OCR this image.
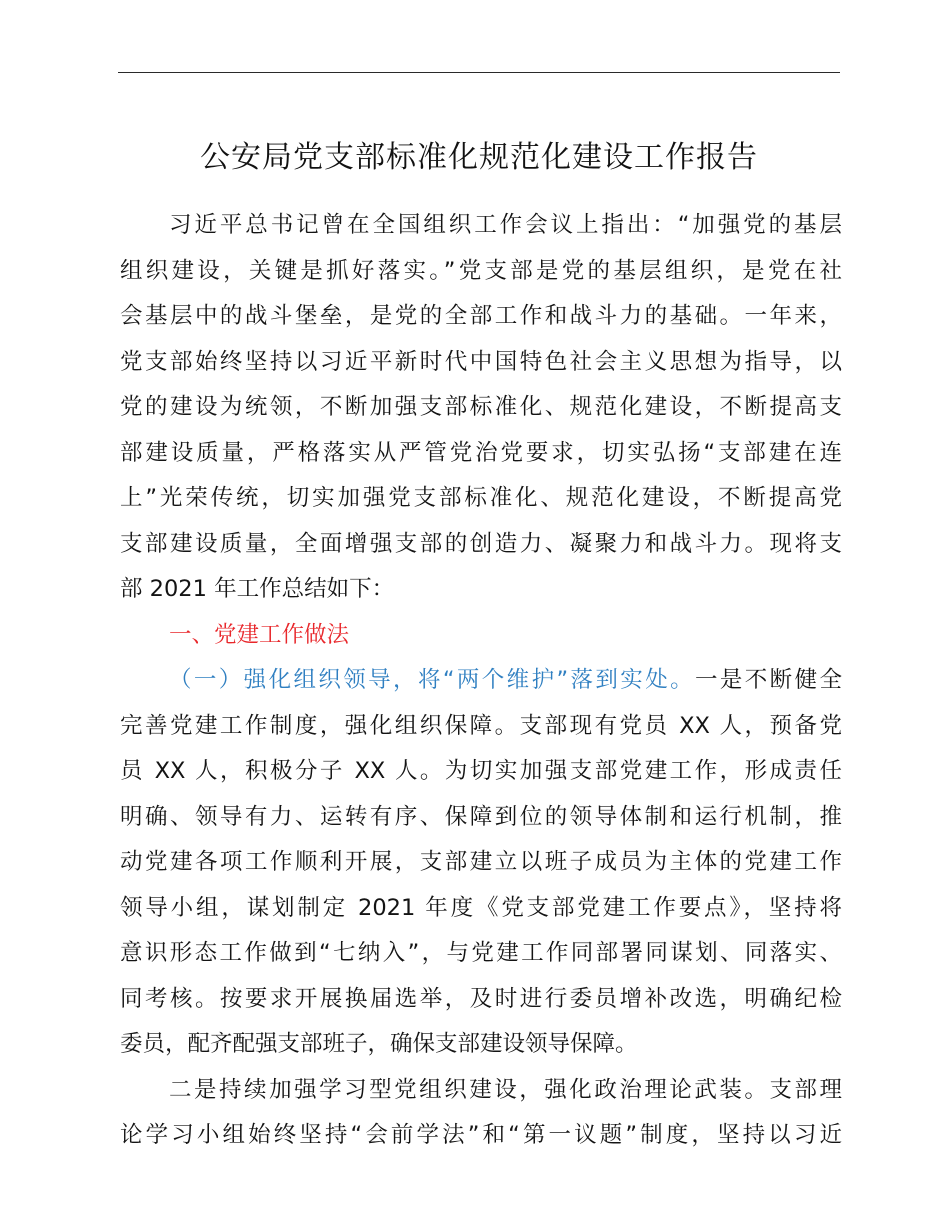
公安局党支部标准化规范化建设工作报告
习近平总书记曾在全国组织工作会议上指出：“加强党的基层
组织建设，关键是抓好落实。”党支部是党的基层组织，是党在社
会基层中的战斗堡垒，是党的全部工作和战斗力的基础。一年来，
党支部始终坚持以习近平新时代中国特色社会主义思想为指导，以
党的建设为统领，不断加强支部标准化、规范化建设，不断提高支
部建设质量，严格落实从严管党治党要求，切实弘扬“支部建在连
上”光荣传统，切实加强党支部标准化、规范化建设，不断提高党
支部建设质量，全面增强支部的创造力、凝聚力和战斗力。现将支
部 2021 年工作总结如下：
一、党建工作做法
（一）强化组织领导，将“两个维护”落到实处。一是不断健全
完善党建工作制度，强化组织保障。支部现有党员 XX 人，预备党
员 XX 人，积极分子 XX 人。为切实加强支部党建工作，形成责任
明确、领导有力、运转有序、保障到位的领导体制和运行机制，推
动党建各项工作顺利开展，支部建立以班子成员为主体的党建工作
领导小组，谋划制定 2021 年度《党支部党建工作要点》，坚持将
意识形态工作做到“七纳入”，与党建工作同部署同谋划、同落实、
同考核。按要求开展换届选举，及时进行委员增补改选，明确纪检
委员，配齐配强支部班子，确保支部建设领导保障。
二是持续加强学习型党组织建设，强化政治理论武装。支部理
论学习小组始终坚持“会前学法”和“第一议题”制度，坚持以习近
